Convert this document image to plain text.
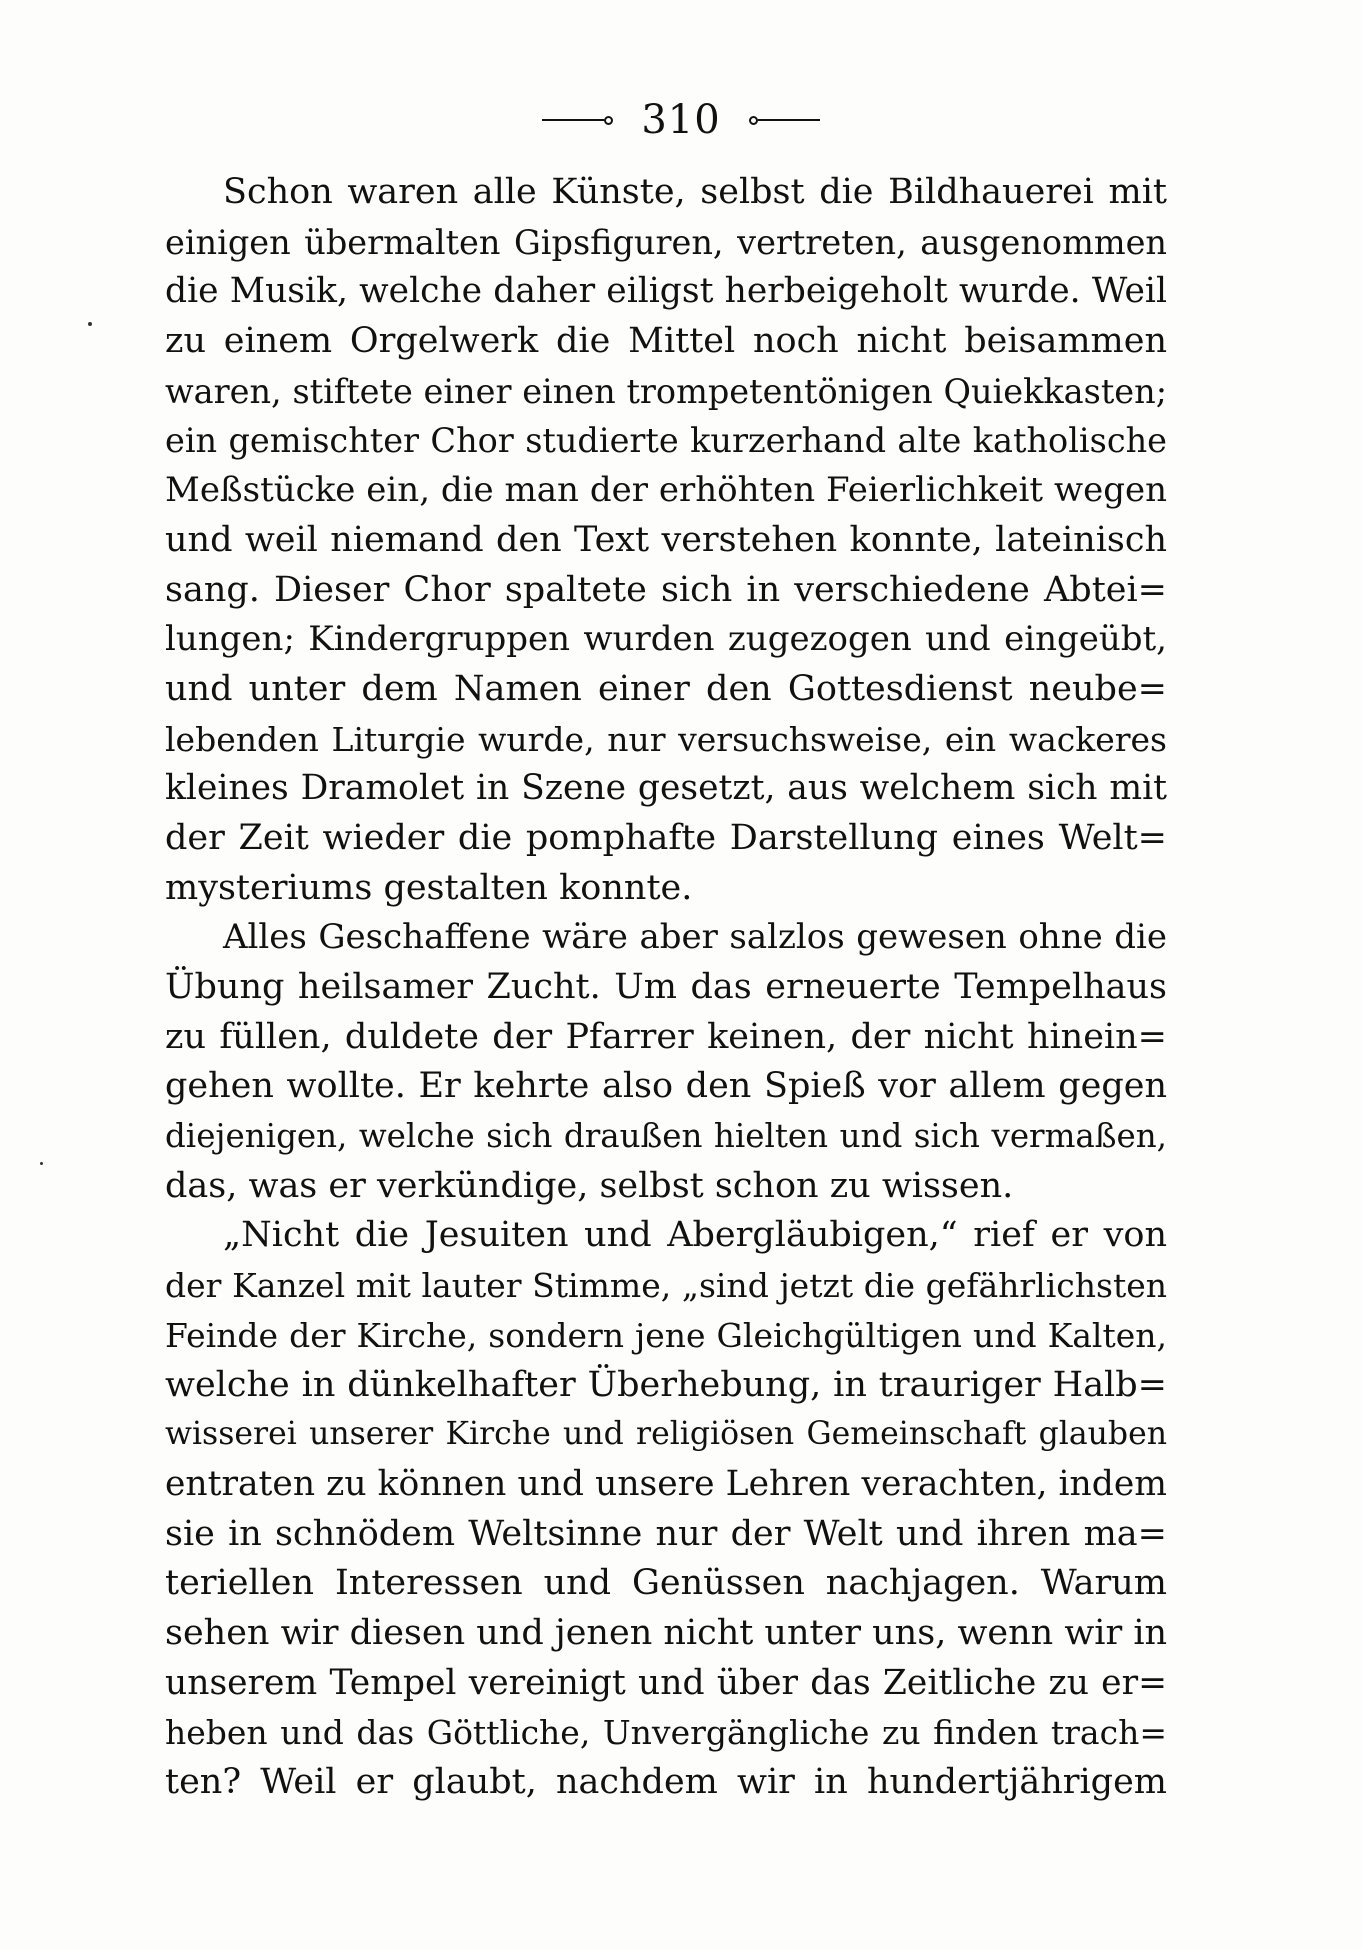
310
Schon waren alle Künste, selbst die Bildhauerei mit
einigen übermalten Gipsfiguren, vertreten, ausgenommen
die Musik, welche daher eiligst herbeigeholt wurde. Weil
zu einem Orgelwerk die Mittel noch nicht beisammen
waren, stiftete einer einen trompetentönigen Quiekkasten;
ein gemischter Chor studierte kurzerhand alte katholische
Meßstücke ein, die man der erhöhten Feierlichkeit wegen
und weil niemand den Text verstehen konnte, lateinisch
sang. Dieser Chor spaltete sich in verschiedene Abtei=
lungen; Kindergruppen wurden zugezogen und eingeübt,
und unter dem Namen einer den Gottesdienst neube=
lebenden Liturgie wurde, nur versuchsweise, ein wackeres
kleines Dramolet in Szene gesetzt, aus welchem sich mit
der Zeit wieder die pomphafte Darstellung eines Welt=
mysteriums gestalten konnte.
Alles Geschaffene wäre aber salzlos gewesen ohne die
Übung heilsamer Zucht. Um das erneuerte Tempelhaus
zu füllen, duldete der Pfarrer keinen, der nicht hinein=
gehen wollte. Er kehrte also den Spieß vor allem gegen
diejenigen, welche sich draußen hielten und sich vermaßen,
das, was er verkündige, selbst schon zu wissen.
„Nicht die Jesuiten und Abergläubigen,“ rief er von
der Kanzel mit lauter Stimme, „sind jetzt die gefährlichsten
Feinde der Kirche, sondern jene Gleichgültigen und Kalten,
welche in dünkelhafter Überhebung, in trauriger Halb=
wisserei unserer Kirche und religiösen Gemeinschaft glauben
entraten zu können und unsere Lehren verachten, indem
sie in schnödem Weltsinne nur der Welt und ihren ma=
teriellen Interessen und Genüssen nachjagen. Warum
sehen wir diesen und jenen nicht unter uns, wenn wir in
unserem Tempel vereinigt und über das Zeitliche zu er=
heben und das Göttliche, Unvergängliche zu finden trach=
ten? Weil er glaubt, nachdem wir in hundertjährigem
